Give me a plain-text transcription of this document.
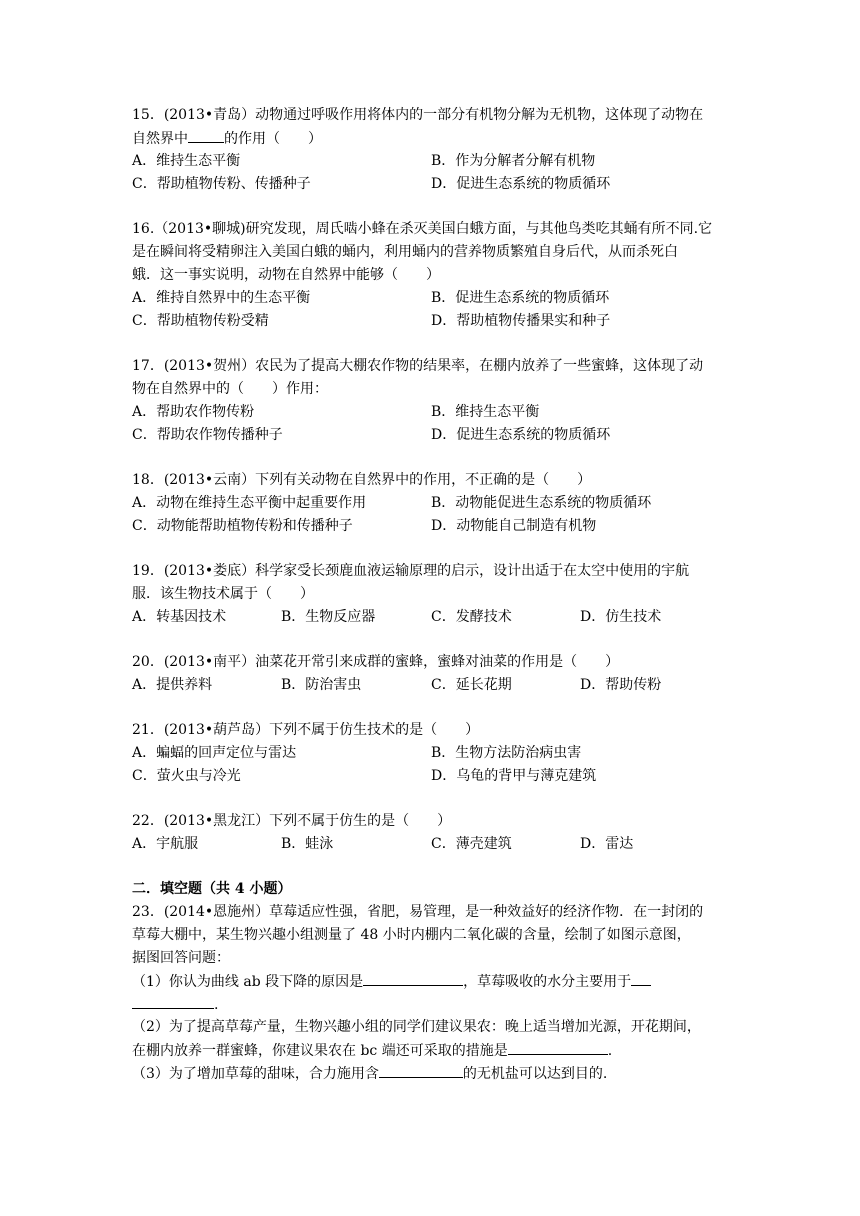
15．(2013•青岛）动物通过呼吸作用将体内的一部分有机物分解为无机物，这体现了动物在
自然界中	的作用（　　）
A．维持生态平衡	B．作为分解者分解有机物
C．帮助植物传粉、传播种子	D．促进生态系统的物质循环
16.（2013•聊城)研究发现，周氏啮小蜂在杀灭美国白蛾方面，与其他鸟类吃其蛹有所不同.它
是在瞬间将受精卵注入美国白蛾的蛹内，利用蛹内的营养物质繁殖自身后代，从而杀死白
蛾．这一事实说明，动物在自然界中能够（　　）
A．维持自然界中的生态平衡	B．促进生态系统的物质循环
C．帮助植物传粉受精	D．帮助植物传播果实和种子
17．(2013•贺州）农民为了提高大棚农作物的结果率，在棚内放养了一些蜜蜂，这体现了动
物在自然界中的（　　）作用：
A．帮助农作物传粉	B．维持生态平衡
C．帮助农作物传播种子	D．促进生态系统的物质循环
18．(2013•云南）下列有关动物在自然界中的作用，不正确的是（　　）
A．动物在维持生态平衡中起重要作用	B．动物能促进生态系统的物质循环
C．动物能帮助植物传粉和传播种子	D．动物能自己制造有机物
19．(2013•娄底）科学家受长颈鹿血液运输原理的启示，设计出适于在太空中使用的宇航
服．该生物技术属于（　　）
A．转基因技术	B．生物反应器	C．发酵技术	D．仿生技术
20．(2013•南平）油菜花开常引来成群的蜜蜂，蜜蜂对油菜的作用是（　　）
A．提供养料	B．防治害虫	C．延长花期	D．帮助传粉
21．(2013•葫芦岛）下列不属于仿生技术的是（　　）
A．蝙蝠的回声定位与雷达	B．生物方法防治病虫害
C．萤火虫与冷光	D．乌龟的背甲与薄克建筑
22．(2013•黑龙江）下列不属于仿生的是（　　）
A．宇航服	B．蛙泳	C．薄壳建筑	D．雷达
二．填空题（共 4 小题）
23．(2014•恩施州）草莓适应性强，省肥，易管理，是一种效益好的经济作物．在一封闭的
草莓大棚中，某生物兴趣小组测量了 48 小时内棚内二氧化碳的含量，绘制了如图示意图，
据图回答问题：
（1）你认为曲线 ab 段下降的原因是	，草莓吸收的水分主要用于
.
（2）为了提高草莓产量，生物兴趣小组的同学们建议果农：晚上适当增加光源，开花期间，
在棚内放养一群蜜蜂，你建议果农在 bc 端还可采取的措施是	.
（3）为了增加草莓的甜味，合力施用含	的无机盐可以达到目的.
